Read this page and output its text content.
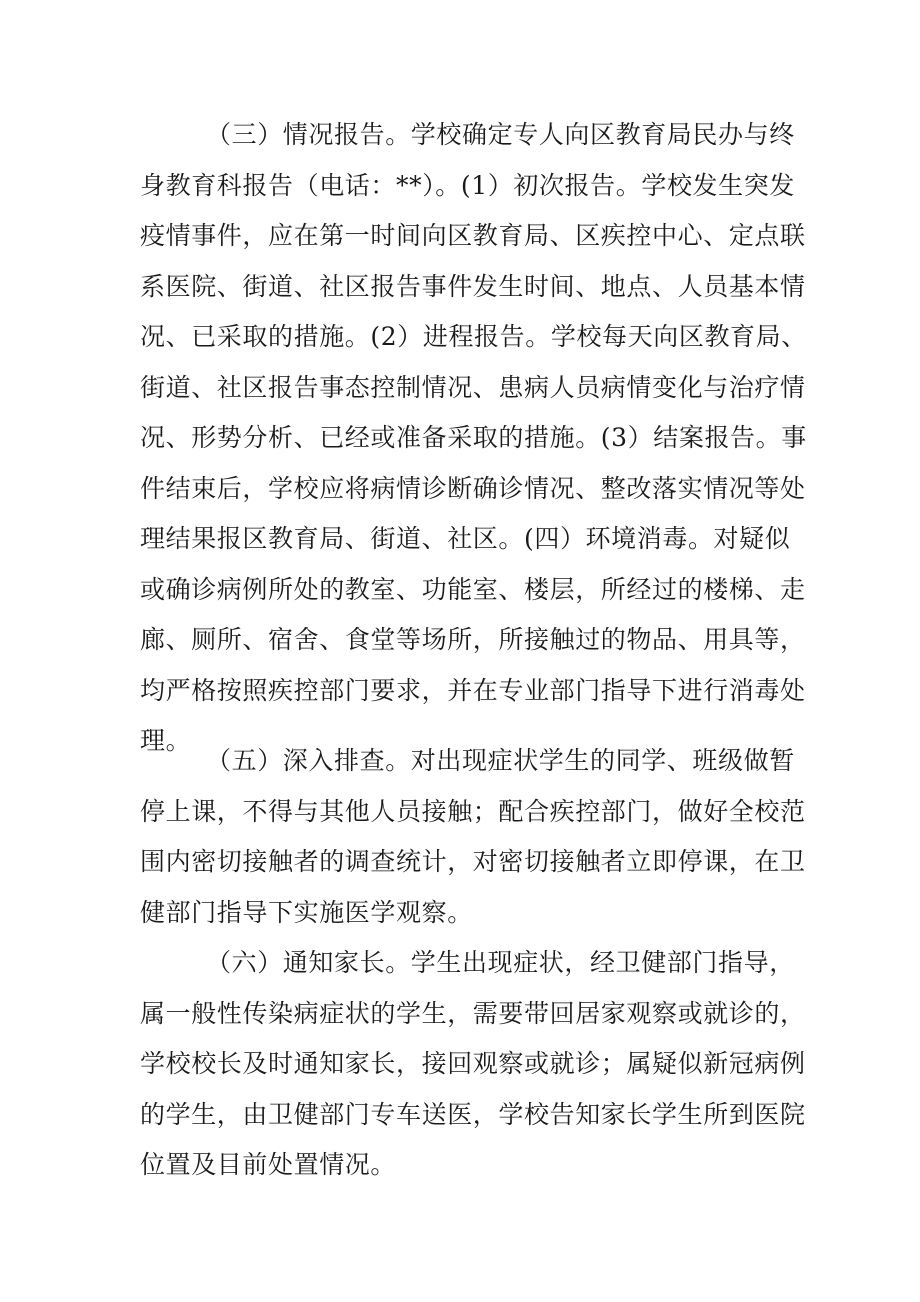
（三）情况报告。学校确定专人向区教育局民办与终
身教育科报告（电话：**）。(1）初次报告。学校发生突发
疫情事件，应在第一时间向区教育局、区疾控中心、定点联
系医院、街道、社区报告事件发生时间、地点、人员基本情
况、已采取的措施。(2）进程报告。学校每天向区教育局、
街道、社区报告事态控制情况、患病人员病情变化与治疗情
况、形势分析、已经或准备采取的措施。(3）结案报告。事
件结束后，学校应将病情诊断确诊情况、整改落实情况等处
理结果报区教育局、街道、社区。(四）环境消毒。对疑似
或确诊病例所处的教室、功能室、楼层，所经过的楼梯、走
廊、厕所、宿舍、食堂等场所，所接触过的物品、用具等，
均严格按照疾控部门要求，并在专业部门指导下进行消毒处
理。
（五）深入排查。对出现症状学生的同学、班级做暂
停上课，不得与其他人员接触；配合疾控部门，做好全校范
围内密切接触者的调查统计，对密切接触者立即停课，在卫
健部门指导下实施医学观察。
（六）通知家长。学生出现症状，经卫健部门指导，
属一般性传染病症状的学生，需要带回居家观察或就诊的，
学校校长及时通知家长，接回观察或就诊；属疑似新冠病例
的学生，由卫健部门专车送医，学校告知家长学生所到医院
位置及目前处置情况。
